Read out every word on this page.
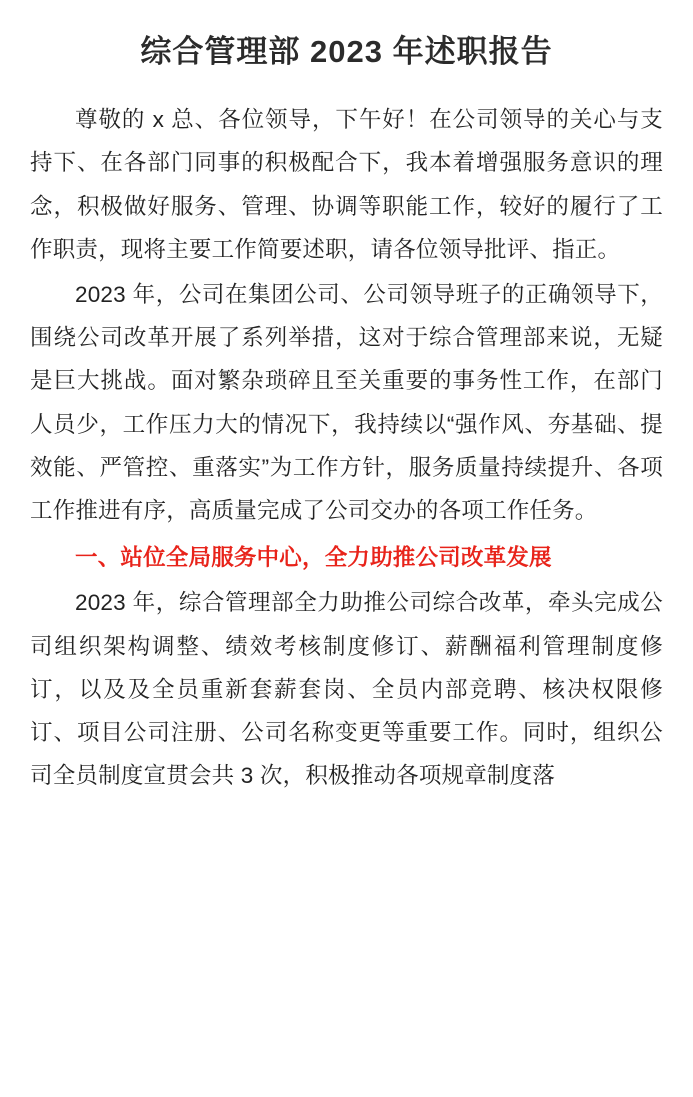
综合管理部 2023 年述职报告

尊敬的 x 总、各位领导，下午好！在公司领导的关心与支持下、在各部门同事的积极配合下，我本着增强服务意识的理念，积极做好服务、管理、协调等职能工作，较好的履行了工作职责，现将主要工作简要述职，请各位领导批评、指正。

2023 年，公司在集团公司、公司领导班子的正确领导下，围绕公司改革开展了系列举措，这对于综合管理部来说，无疑是巨大挑战。面对繁杂琐碎且至关重要的事务性工作，在部门人员少，工作压力大的情况下，我持续以“强作风、夯基础、提效能、严管控、重落实”为工作方针，服务质量持续提升、各项工作推进有序，高质量完成了公司交办的各项工作任务。

一、站位全局服务中心，全力助推公司改革发展

2023 年，综合管理部全力助推公司综合改革，牵头完成公司组织架构调整、绩效考核制度修订、薪酬福利管理制度修订，以及及全员重新套薪套岗、全员内部竞聘、核决权限修订、项目公司注册、公司名称变更等重要工作。同时，组织公司全员制度宣贯会共 3 次，积极推动各项规章制度落
